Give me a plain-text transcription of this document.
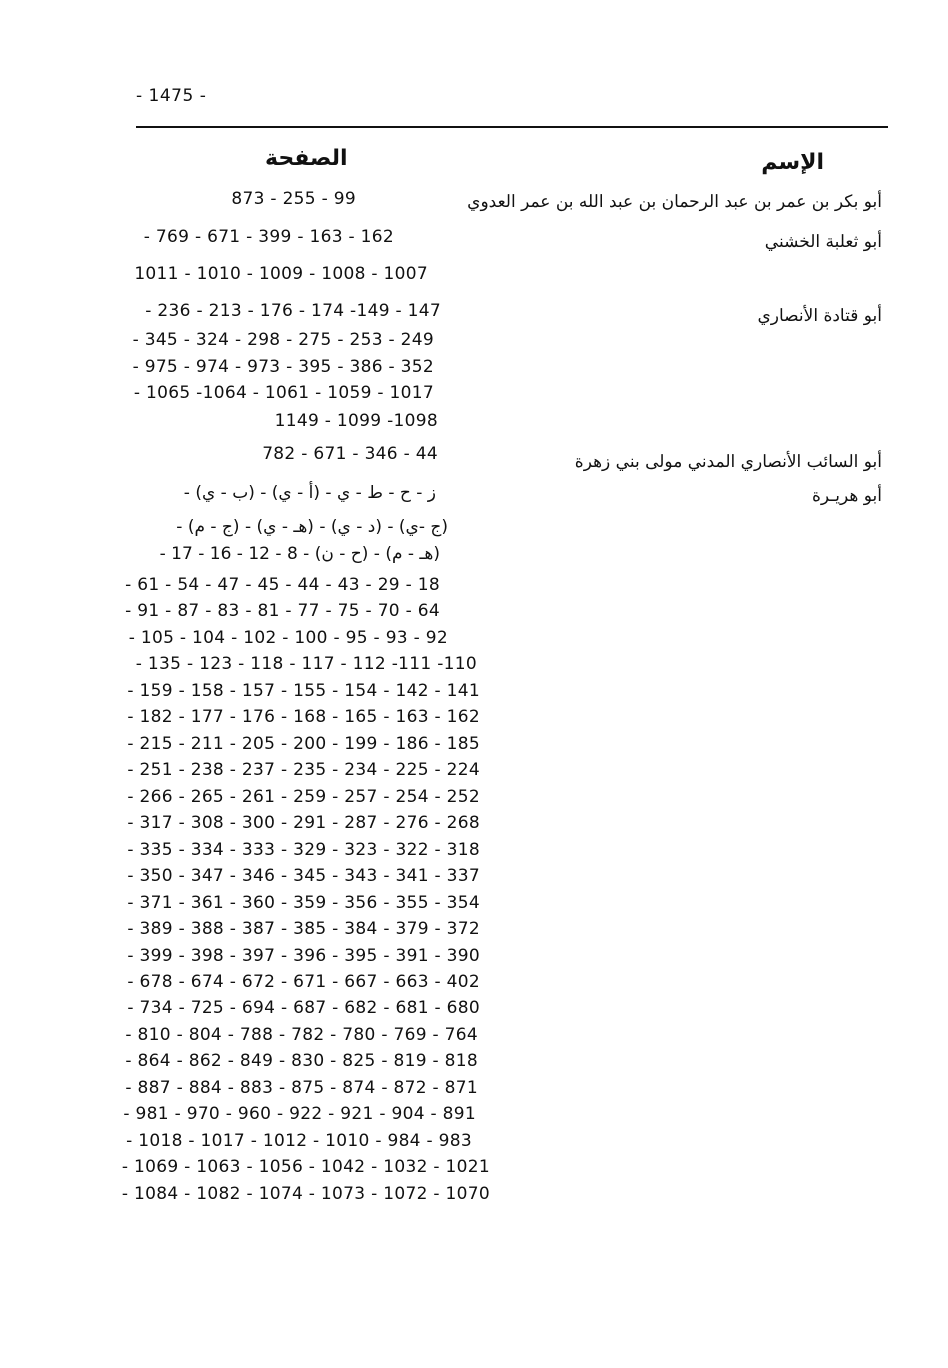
- 1475 -
الإسم
الصفحة
أبو بكر بن عمر بن عبد الرحمان بن عبد الله بن عمر العدوي
873 - 255 - 99
أبو ثعلبة الخشني
- 769 - 671 - 399 - 163 - 162
1011 - 1010 - 1009 - 1008 - 1007
أبو قتادة الأنصاري
- 236 - 213 - 176 - 174 -149 - 147
- 345 - 324 - 298 - 275 - 253 - 249
- 975 - 974 - 973 - 395 - 386 - 352
- 1065 -1064 - 1061 - 1059 - 1017
1149 - 1099 -1098
أبو السائب الأنصاري المدني مولى بني زهرة
782 - 671 - 346 - 44
أبو هريـرة
ز - ح - ط - ي - (أ - ي) - (ب - ي) -
(ج -ي) - (د - ي) - (هـ - ي) - (ج - م) -
(هـ - م) - (ح - ن) - 8 - 12 - 16 - 17 -
- 61 - 54 - 47 - 45 - 44 - 43 - 29 - 18
- 91 - 87 - 83 - 81 - 77 - 75 - 70 - 64
- 105 - 104 - 102 - 100 - 95 - 93 - 92
- 135 - 123 - 118 - 117 - 112 -111 -110
- 159 - 158 - 157 - 155 - 154 - 142 - 141
- 182 - 177 - 176 - 168 - 165 - 163 - 162
- 215 - 211 - 205 - 200 - 199 - 186 - 185
- 251 - 238 - 237 - 235 - 234 - 225 - 224
- 266 - 265 - 261 - 259 - 257 - 254 - 252
- 317 - 308 - 300 - 291 - 287 - 276 - 268
- 335 - 334 - 333 - 329 - 323 - 322 - 318
- 350 - 347 - 346 - 345 - 343 - 341 - 337
- 371 - 361 - 360 - 359 - 356 - 355 - 354
- 389 - 388 - 387 - 385 - 384 - 379 - 372
- 399 - 398 - 397 - 396 - 395 - 391 - 390
- 678 - 674 - 672 - 671 - 667 - 663 - 402
- 734 - 725 - 694 - 687 - 682 - 681 - 680
- 810 - 804 - 788 - 782 - 780 - 769 - 764
- 864 - 862 - 849 - 830 - 825 - 819 - 818
- 887 - 884 - 883 - 875 - 874 - 872 - 871
- 981 - 970 - 960 - 922 - 921 - 904 - 891
- 1018 - 1017 - 1012 - 1010 - 984 - 983
- 1069 - 1063 - 1056 - 1042 - 1032 - 1021
- 1084 - 1082 - 1074 - 1073 - 1072 - 1070
